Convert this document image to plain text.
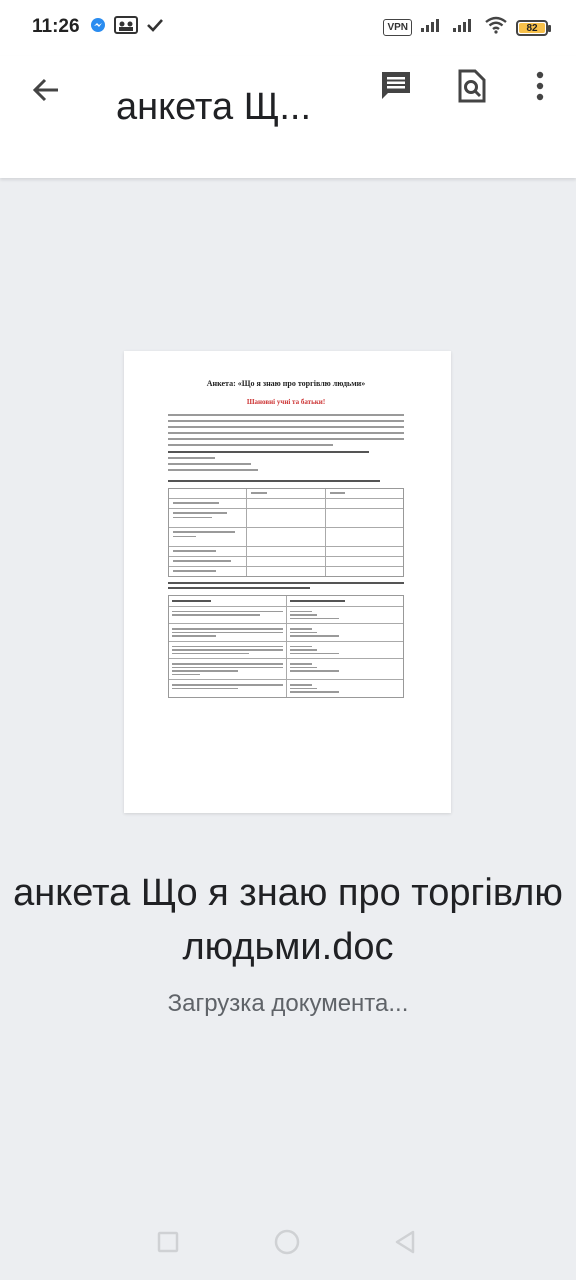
11:26	VPN	82
анкета Щ...
Анкета: «Що я знаю про торгівлю людьми»
Шановні учні та батьки!
анкета Що я знаю про торгівлю людьми.doc
Загрузка документа...
